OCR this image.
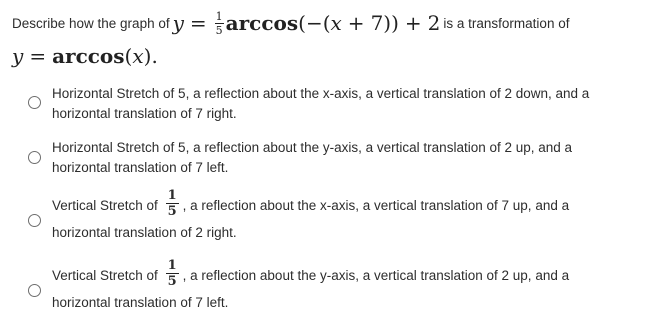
Describe how the graph of $y = \frac{1}{5}$ arccos ( − ( x + 7 )) + 2 is a transformation of
y = arccos ( x ) .
Horizontal Stretch of 5, a reflection about the x-axis, a vertical translation of 2 down, and a horizontal translation of 7 right.
Horizontal Stretch of 5, a reflection about the y-axis, a vertical translation of 2 up, and a horizontal translation of 7 left.
Vertical Stretch of $\frac{1}{5}$ , a reflection about the x-axis, a vertical translation of 7 up, and a
horizontal translation of 2 right.
Vertical Stretch of $\frac{1}{5}$ , a reflection about the y-axis, a vertical translation of 2 up, and a
horizontal translation of 7 left.
